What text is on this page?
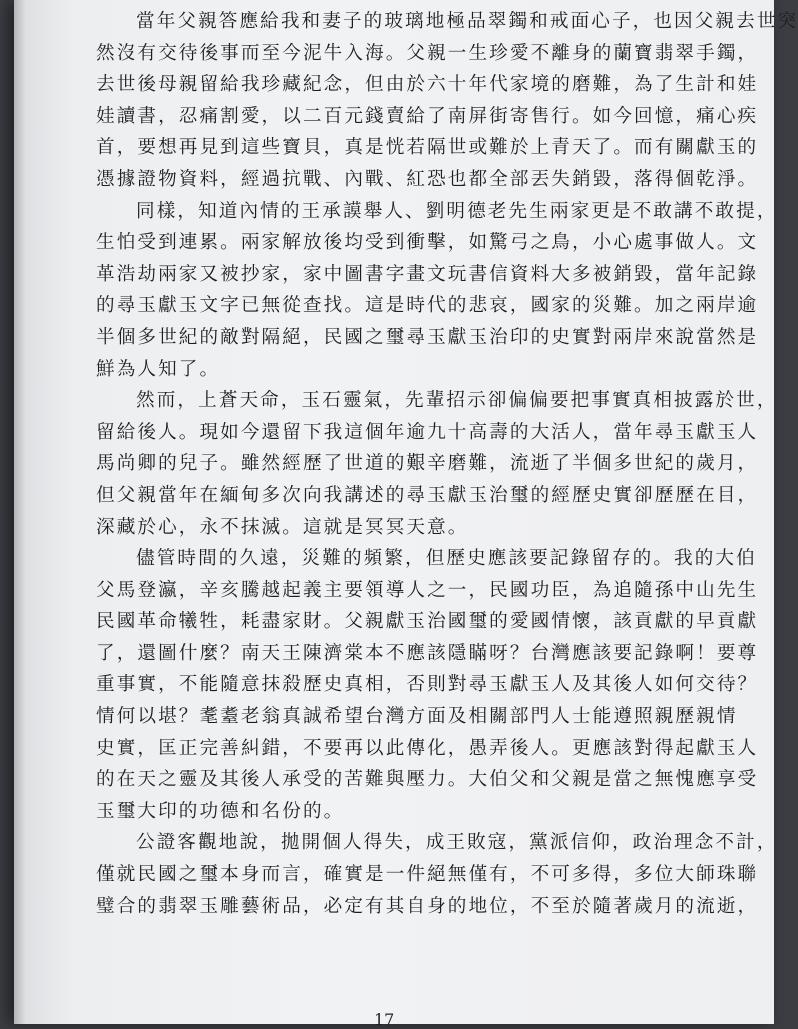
當年父親答應給我和妻子的玻璃地極品翠鐲和戒面心子，也因父親去世突
然沒有交待後事而至今泥牛入海。父親一生珍愛不離身的蘭寶翡翠手鐲，
去世後母親留給我珍藏紀念，但由於六十年代家境的磨難，為了生計和娃
娃讀書，忍痛割愛，以二百元錢賣給了南屏街寄售行。如今回憶，痛心疾
首，要想再見到這些寶貝，真是恍若隔世或難於上青天了。而有關獻玉的
憑據證物資料，經過抗戰、內戰、紅恐也都全部丟失銷毀，落得個乾淨。
同樣，知道內情的王承謨舉人、劉明德老先生兩家更是不敢講不敢提，
生怕受到連累。兩家解放後均受到衝擊，如驚弓之鳥，小心處事做人。文
革浩劫兩家又被抄家，家中圖書字畫文玩書信資料大多被銷毀，當年記錄
的尋玉獻玉文字已無從查找。這是時代的悲哀，國家的災難。加之兩岸逾
半個多世紀的敵對隔絕，民國之璽尋玉獻玉治印的史實對兩岸來說當然是
鮮為人知了。
然而，上蒼天命，玉石靈氣，先輩招示卻偏偏要把事實真相披露於世，
留給後人。現如今還留下我這個年逾九十高壽的大活人，當年尋玉獻玉人
馬尚卿的兒子。雖然經歷了世道的艱辛磨難，流逝了半個多世紀的歲月，
但父親當年在緬甸多次向我講述的尋玉獻玉治璽的經歷史實卻歷歷在目，
深藏於心，永不抹滅。這就是冥冥天意。
儘管時間的久遠，災難的頻繁，但歷史應該要記錄留存的。我的大伯
父馬登瀛，辛亥騰越起義主要領導人之一，民國功臣，為追隨孫中山先生
民國革命犧牲，耗盡家財。父親獻玉治國璽的愛國情懷，該貢獻的早貢獻
了，還圖什麼？南天王陳濟棠本不應該隱瞞呀？台灣應該要記錄啊！要尊
重事實，不能隨意抹殺歷史真相，否則對尋玉獻玉人及其後人如何交待？
情何以堪？耄耋老翁真誠希望台灣方面及相關部門人士能遵照親歷親情
史實，匡正完善糾錯，不要再以此傳化，愚弄後人。更應該對得起獻玉人
的在天之靈及其後人承受的苦難與壓力。大伯父和父親是當之無愧應享受
玉璽大印的功德和名份的。
公證客觀地說，拋開個人得失，成王敗寇，黨派信仰，政治理念不計，
僅就民國之璽本身而言，確實是一件絕無僅有，不可多得，多位大師珠聯
璧合的翡翠玉雕藝術品，必定有其自身的地位，不至於隨著歲月的流逝，
17
